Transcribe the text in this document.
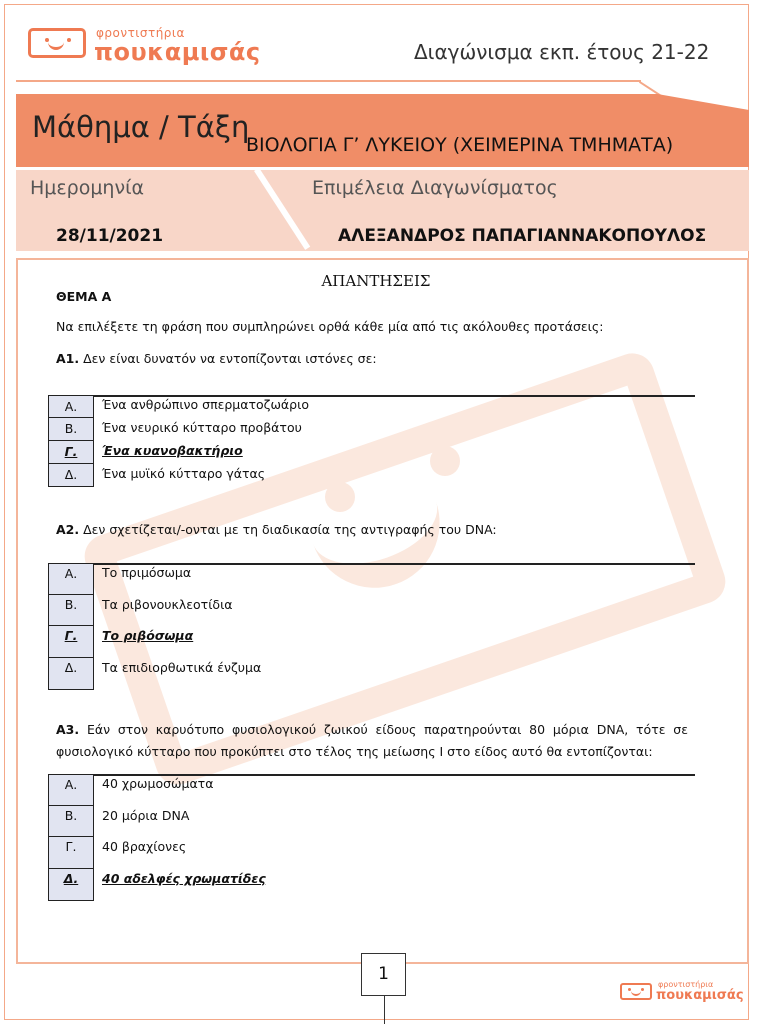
φροντιστήρια
πουκαμισάς	Διαγώνισμα εκπ. έτους 21-22
Μάθημα / Τάξη
ΒΙΟΛΟΓΙΑ Γ’ ΛΥΚΕΙΟΥ (ΧΕΙΜΕΡΙΝΑ ΤΜΗΜΑΤΑ)
Ημερομηνία	Επιμέλεια Διαγωνίσματος
28/11/2021	ΑΛΕΞΑΝΔΡΟΣ ΠΑΠΑΓΙΑΝΝΑΚΟΠΟΥΛΟΣ
ΑΠΑΝΤΗΣΕΙΣ
ΘΕΜΑ Α
Να επιλέξετε τη φράση που συμπληρώνει ορθά κάθε μία από τις ακόλουθες προτάσεις:
Α1. Δεν είναι δυνατόν να εντοπίζονται ιστόνες σε:
Α.	Ένα ανθρώπινο σπερματοζωάριο
Β.	Ένα νευρικό κύτταρο προβάτου
Γ.	Ένα κυανοβακτήριο
Δ.	Ένα μυϊκό κύτταρο γάτας
Α2. Δεν σχετίζεται/-ονται με τη διαδικασία της αντιγραφής του DNA:
Α.	Το πριμόσωμα
Β.	Τα ριβονουκλεοτίδια
Γ.	Το ριβόσωμα
Δ.	Τα επιδιορθωτικά ένζυμα
Α3. Εάν στον καρυότυπο φυσιολογικού ζωικού είδους παρατηρούνται 80 μόρια DNA, τότε σε
φυσιολογικό κύτταρο που προκύπτει στο τέλος της μείωσης Ι στο είδος αυτό θα εντοπίζονται:
Α.	40 χρωμοσώματα
Β.	20 μόρια DNA
Γ.	40 βραχίονες
Δ.	40 αδελφές χρωματίδες
1
φροντιστήρια
πουκαμισάς
